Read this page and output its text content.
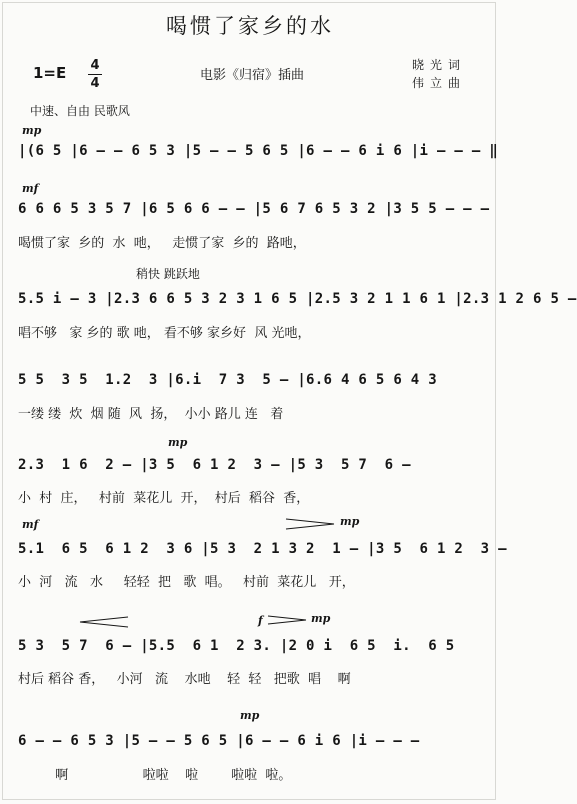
喝惯了家乡的水
1=E 4
4
电影《归宿》插曲
晓光词
伟立曲
中速、自由 民歌风
mp
|(6 5 |6 — — 6 5 3 |5 — — 5 6 5 |6 — — 6 i 6 |i — — — ‖
mf
6 6 6 5 3 5 7 |6 5 6 6 — — |5 6 7 6 5 3 2 |3 5 5 — — —
喝惯了家  乡的  水  吔，   走惯了家  乡的  路吔，
稍快 跳跃地
5.5 i — 3 |2.3 6 6 5 3 2 3 1 6 5 |2.5 3 2 1 1 6 1 |2.3 1 2 6 5 —
唱不够   家 乡的 歌 吔， 看不够 家乡好  风 光吔，
5 5  3 5  1.2  3 |6.i  7 3  5 — |6.6 4 6 5 6 4 3
一缕 缕  炊  烟 随  风  扬，  小小 路儿 连   着
mp
2.3  1 6  2 — |3 5  6 1 2  3 — |5 3  5 7  6 —
小  村  庄，   村前  菜花儿  开，  村后  稻谷  香，
mf	mp
5.1  6 5  6 1 2  3 6 |5 3  2 1 3 2  1 — |3 5  6 1 2  3 —
小  河   流   水     轻轻  把   歌  唱。   村前  菜花儿   开，
f	mp
5 3  5 7  6 — |5.5  6 1  2 3. |2 0 i  6 5  i.  6 5
村后 稻谷 香，   小河   流    水吔    轻  轻   把歌  唱    啊
mp
6 — — 6 5 3 |5 — — 5 6 5 |6 — — 6 i 6 |i — — —
啊                  啦啦    啦        啦啦  啦。
